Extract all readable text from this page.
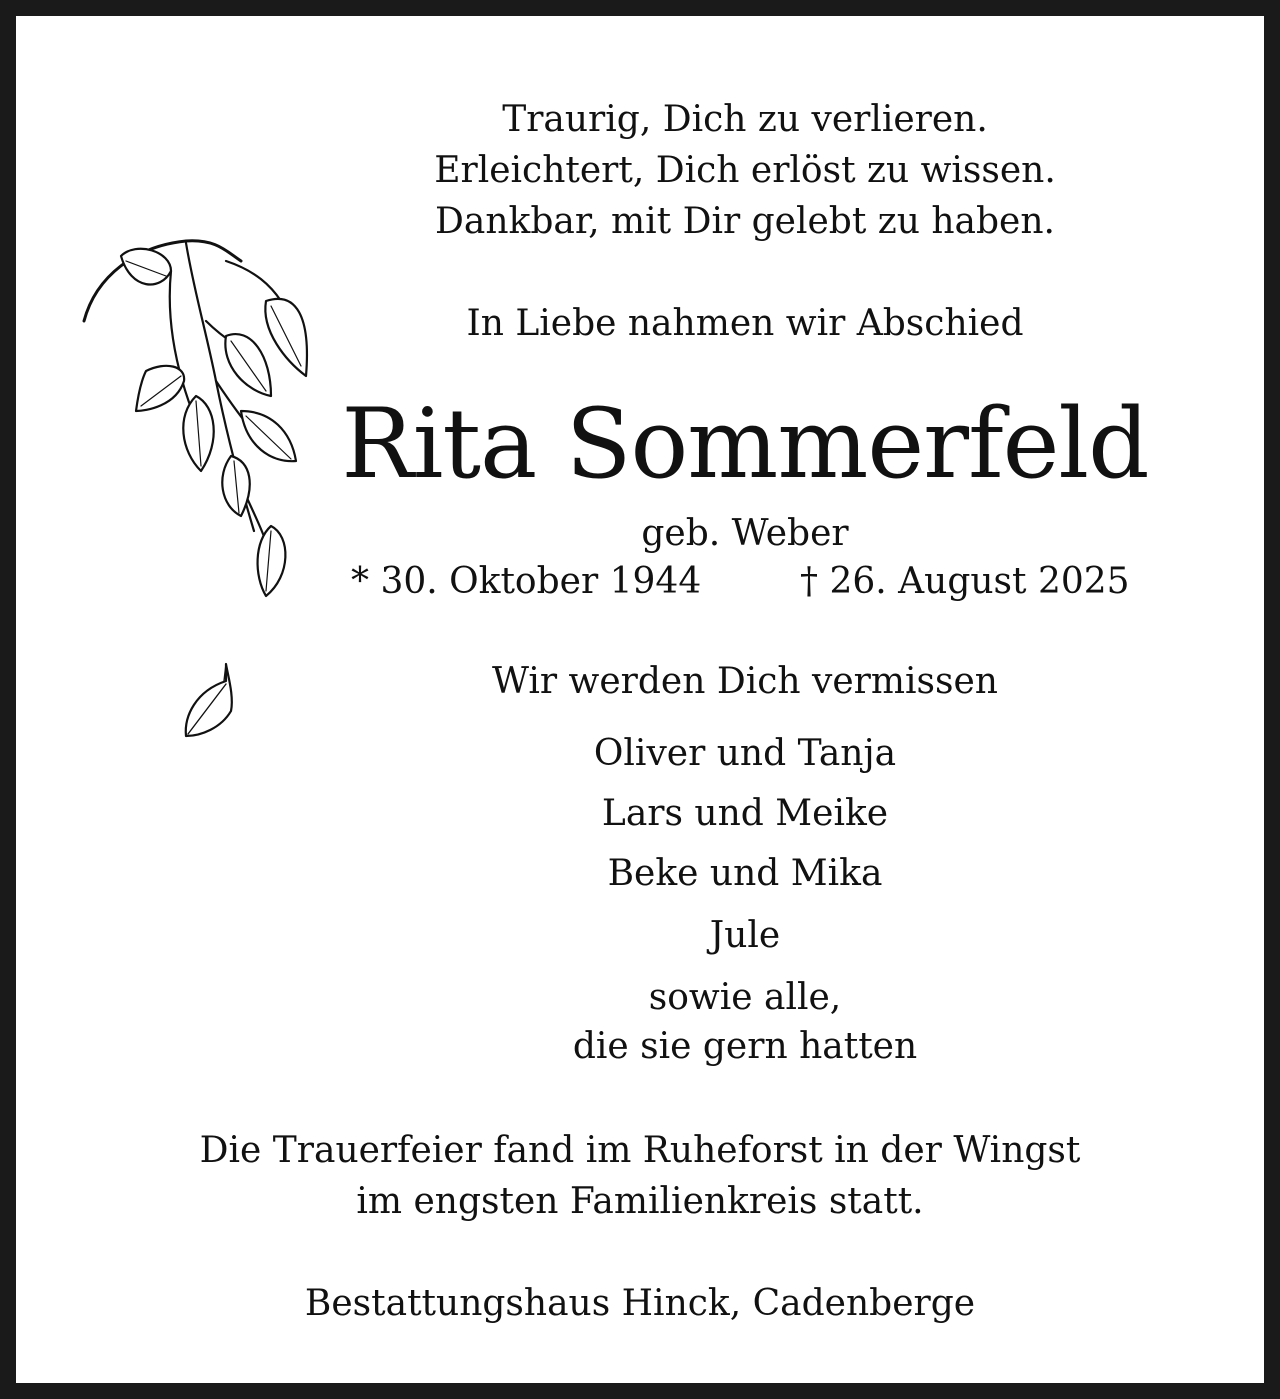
Traurig, Dich zu verlieren.
Erleichtert, Dich erlöst zu wissen.
Dankbar, mit Dir gelebt zu haben.
In Liebe nahmen wir Abschied
Rita Sommerfeld
geb. Weber
* 30. Oktober 1944	† 26. August 2025
Wir werden Dich vermissen
Oliver und Tanja
Lars und Meike
Beke und Mika
Jule
sowie alle,
die sie gern hatten
Die Trauerfeier fand im Ruheforst in der Wingst
im engsten Familienkreis statt.
Bestattungshaus Hinck, Cadenberge
